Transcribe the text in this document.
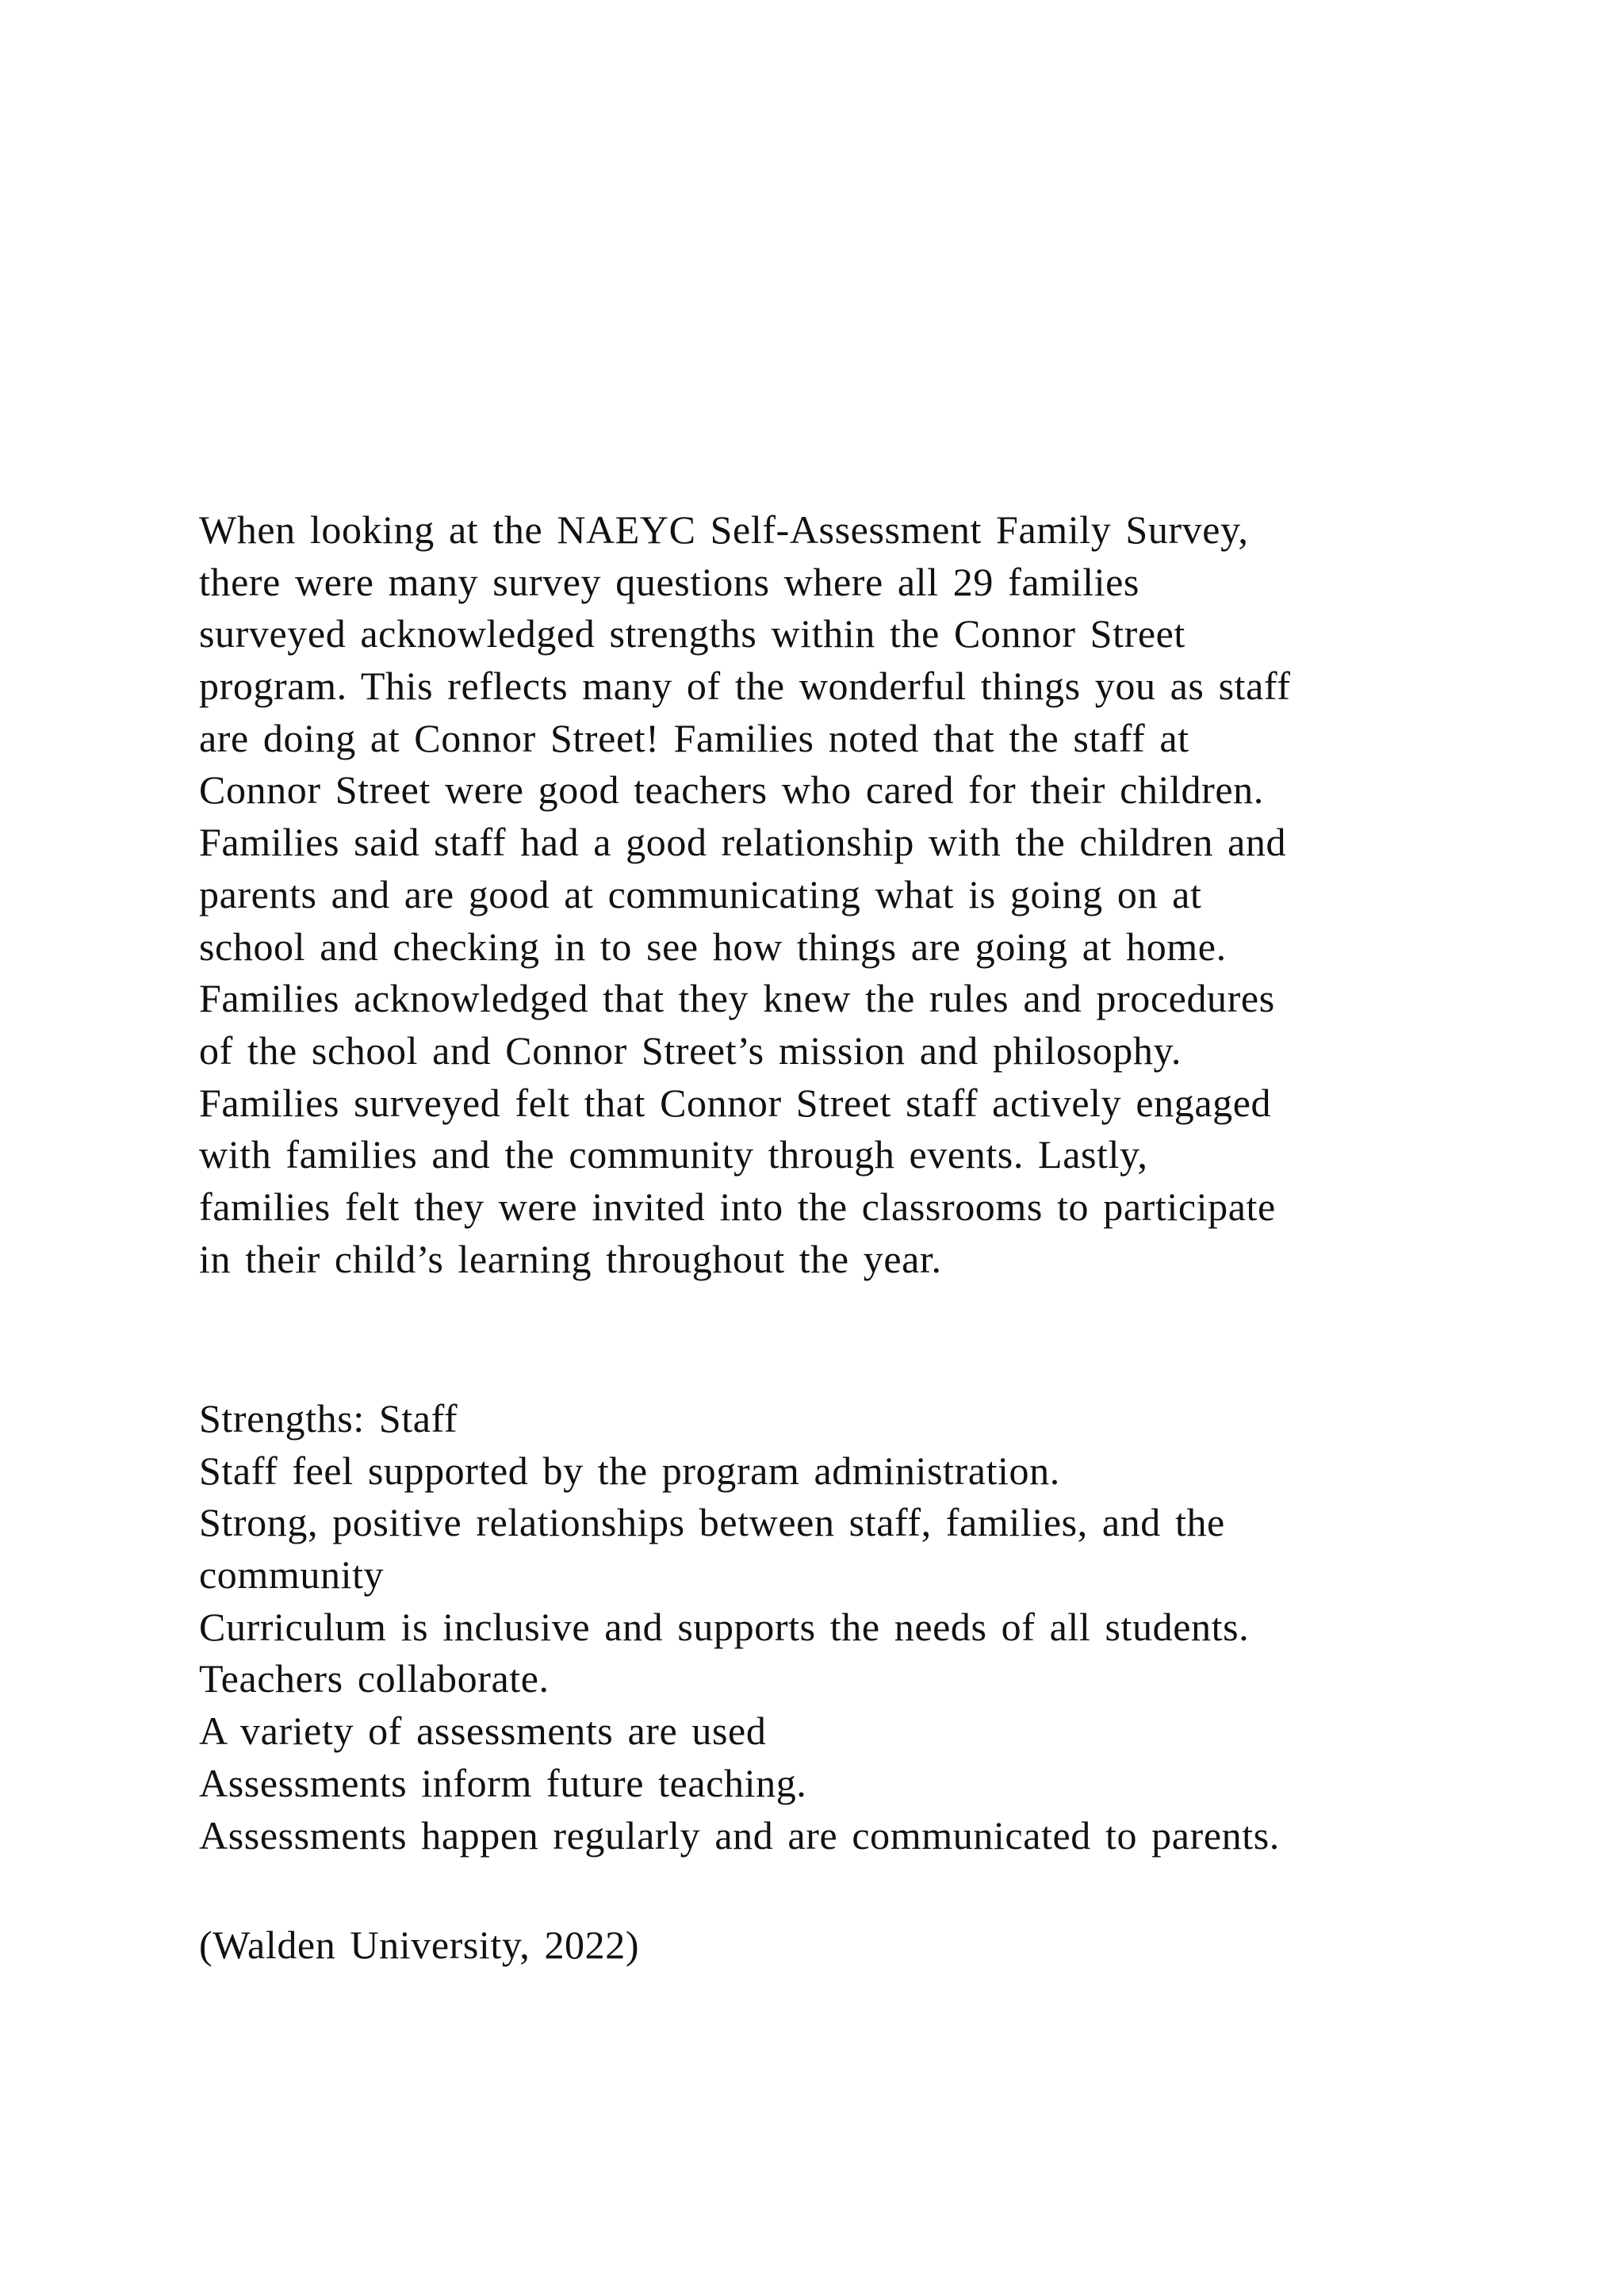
When looking at the NAEYC Self-Assessment Family Survey,
there were many survey questions where all 29 families
surveyed acknowledged strengths within the Connor Street
program. This reflects many of the wonderful things you as staff
are doing at Connor Street! Families noted that the staff at
Connor Street were good teachers who cared for their children.
Families said staff had a good relationship with the children and
parents and are good at communicating what is going on at
school and checking in to see how things are going at home.
Families acknowledged that they knew the rules and procedures
of the school and Connor Street’s mission and philosophy.
Families surveyed felt that Connor Street staff actively engaged
with families and the community through events. Lastly,
families felt they were invited into the classrooms to participate
in their child’s learning throughout the year.
Strengths: Staff
Staff feel supported by the program administration.
Strong, positive relationships between staff, families, and the
community
Curriculum is inclusive and supports the needs of all students.
Teachers collaborate.
A variety of assessments are used
Assessments inform future teaching.
Assessments happen regularly and are communicated to parents.
(Walden University, 2022)
